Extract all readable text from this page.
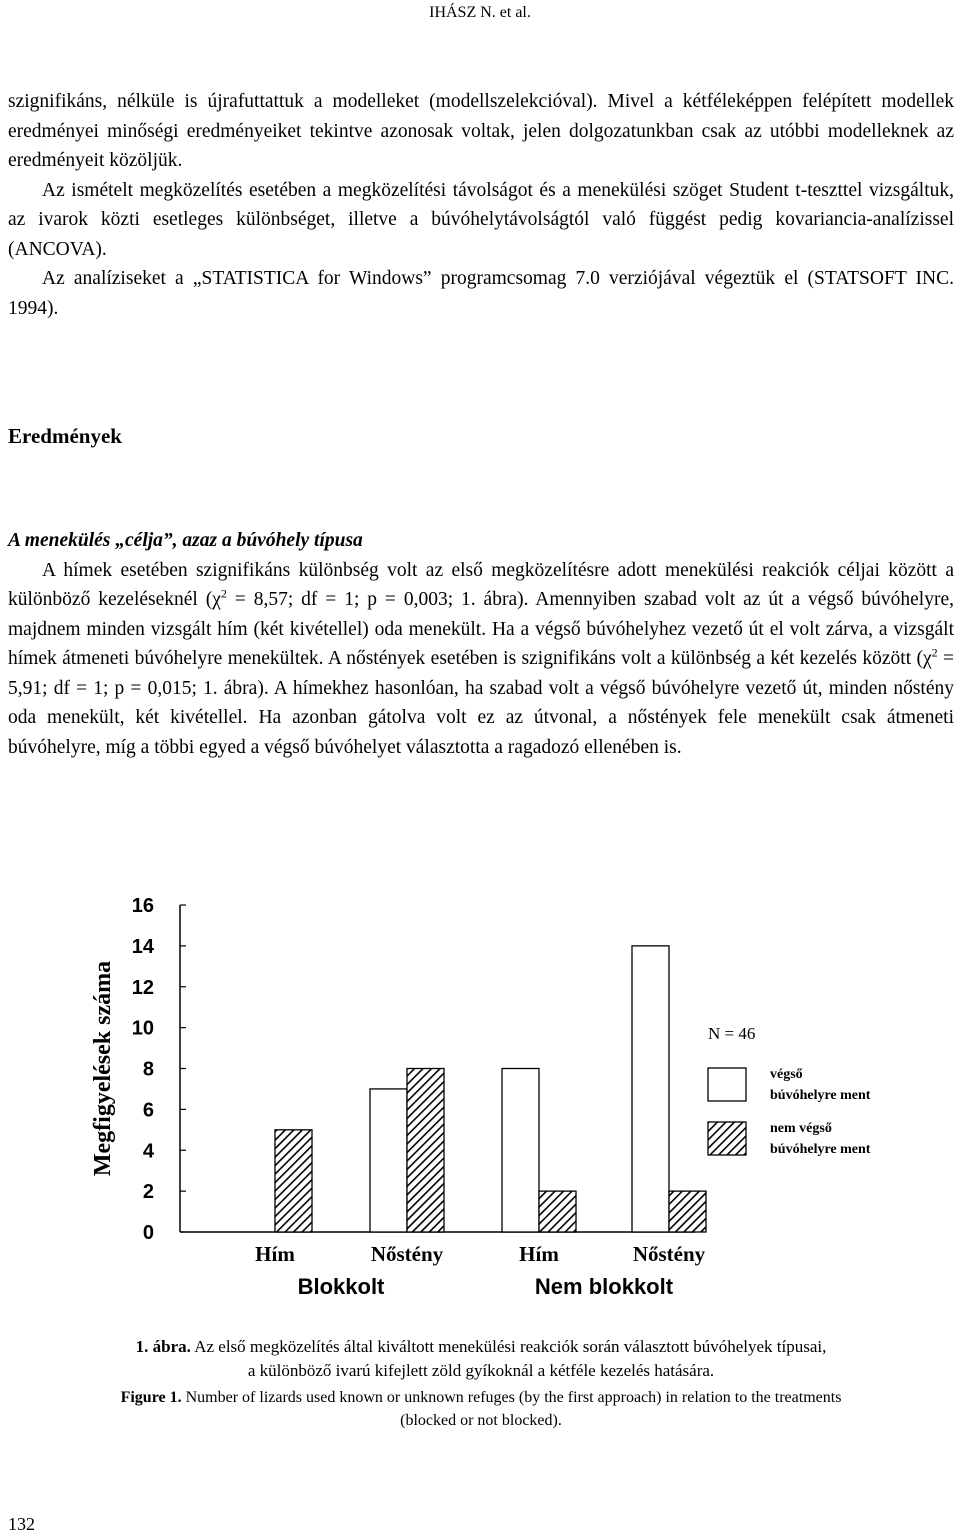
IHÁSZ N. et al.

szignifikáns, nélküle is újrafuttattuk a modelleket (modellszelekcióval). Mivel a kétféleképpen felépített modellek eredményei minőségi eredményeiket tekintve azonosak voltak, jelen dolgozatunkban csak az utóbbi modelleknek az eredményeit közöljük.

Az ismételt megközelítés esetében a megközelítési távolságot és a menekülési szöget Student t-teszttel vizsgáltuk, az ivarok közti esetleges különbséget, illetve a búvóhelytávolságtól való függést pedig kovariancia-analízissel (ANCOVA).

Az analíziseket a „STATISTICA for Windows” programcsomag 7.0 verziójával végeztük el (STATSOFT INC. 1994).

Eredmények

A menekülés „célja”, azaz a búvóhely típusa

A hímek esetében szignifikáns különbség volt az első megközelítésre adott menekülési reakciók céljai között a különböző kezeléseknél ($\chi^2 = 8,57$; df = 1; p = 0,003; 1. ábra). Amennyiben szabad volt az út a végső búvóhelyre, majdnem minden vizsgált hím (két kivétellel) oda menekült. Ha a végső búvóhelyhez vezető út el volt zárva, a vizsgált hímek átmeneti búvóhelyre menekültek. A nőstények esetében is szignifikáns volt a különbség a két kezelés között ($\chi^2 = 5,91$; df = 1; p = 0,015; 1. ábra). A hímekhez hasonlóan, ha szabad volt a végső búvóhelyre vezető út, minden nőstény oda menekült, két kivétellel. Ha azonban gátolva volt ez az útvonal, a nőstények fele menekült csak átmeneti búvóhelyre, míg a többi egyed a végső búvóhelyet választotta a ragadozó ellenében is.

0
2
4
6
8
10
12
14
16
Megfigyelések száma
Hím	Nőstény	Hím	Nőstény
Blokkolt	Nem blokkolt
N = 46
végső
búvóhelyre ment
nem végső
búvóhelyre ment
1. ábra. Az első megközelítés által kiváltott menekülési reakciók során választott búvóhelyek típusai,
a különböző ivarú kifejlett zöld gyíkoknál a kétféle kezelés hatására.
Figure 1. Number of lizards used known or unknown refuges (by the first approach) in relation to the treatments
(blocked or not blocked).
132
